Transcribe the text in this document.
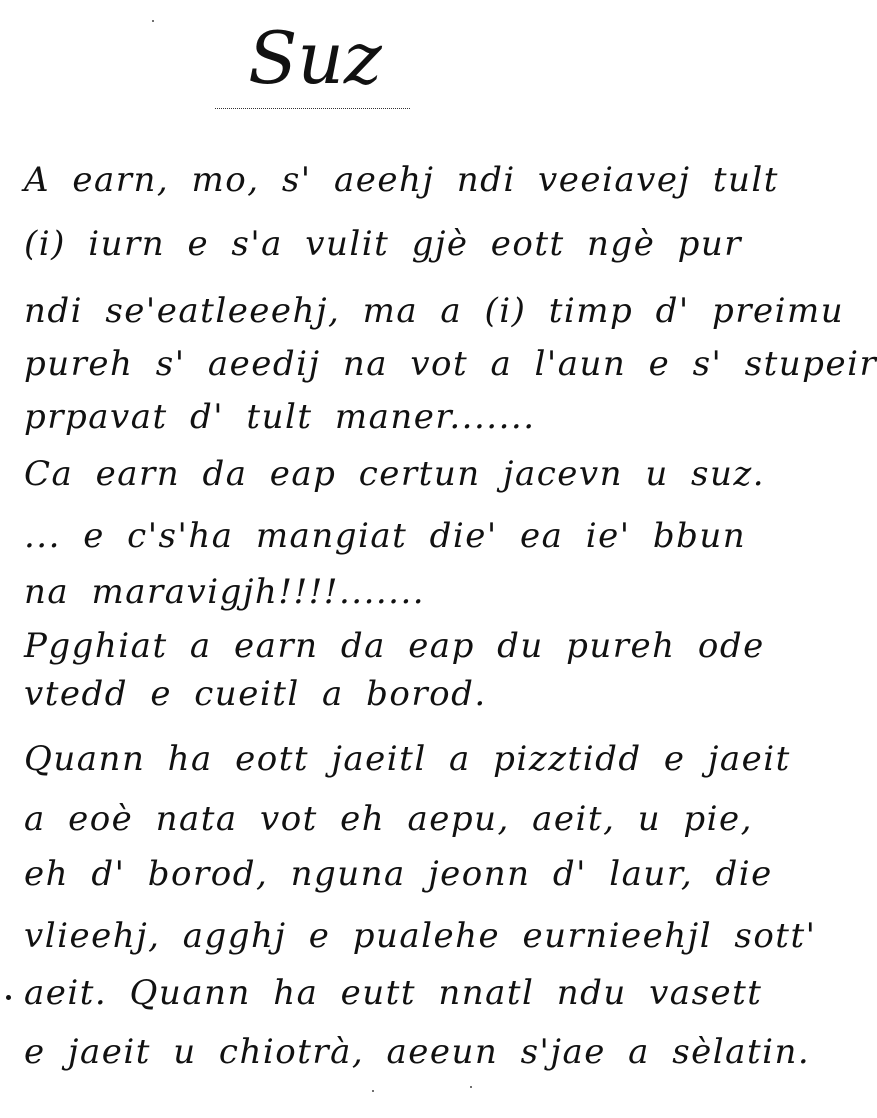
Suz
A earn, mo, s' aeehj ndi veeiavej tult
(i) iurn e s'a vulit gjè eott ngè pur
ndi se'eatleeehj, ma a (i) timp d' preimu
pureh s' aeedij na vot a l'aun e s' stupeir
prpavat d' tult maner.......
Ca earn da eap certun jacevn u suz.
... e c's'ha mangiat die' ea ie' bbun
na maravigjh!!!!.......
Pgghiat a earn da eap du pureh ode
vtedd e cueitl a borod.
Quann ha eott jaeitl a pizztidd e jaeit
a eoè nata vot eh aepu, aeit, u pie,
eh d' borod, nguna jeonn d' laur, die
vlieehj, agghj e pualehe eurnieehjl sott'
aeit. Quann ha eutt nnatl ndu vasett
e jaeit u chiotrà, aeeun s'jae a sèlatin.
